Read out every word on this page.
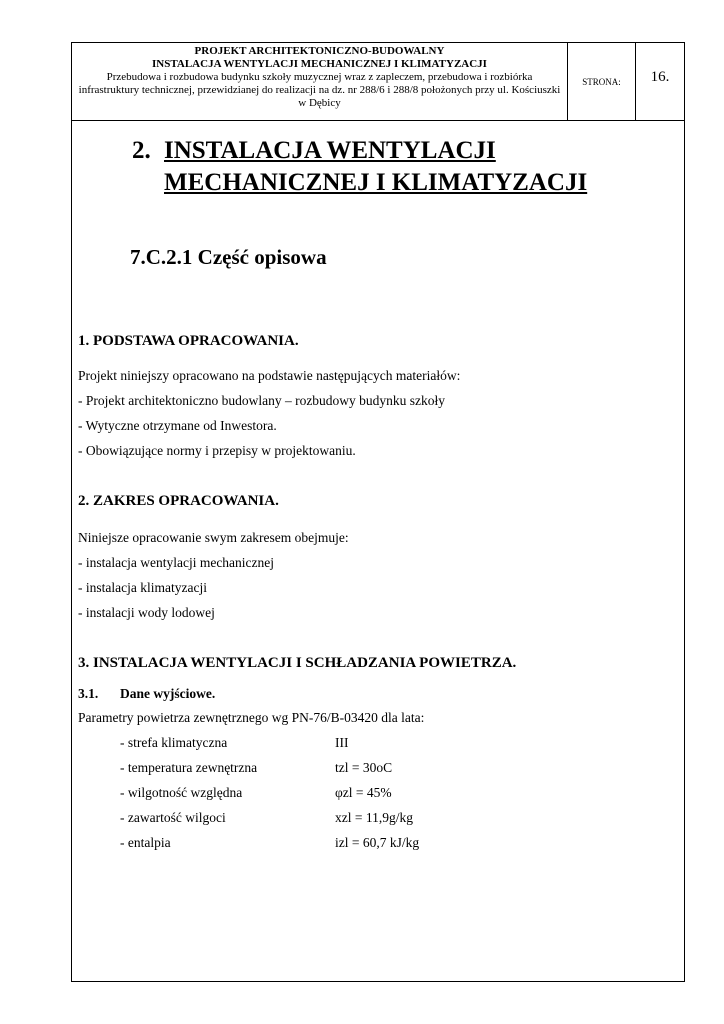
PROJEKT ARCHITEKTONICZNO-BUDOWALNY
INSTALACJA WENTYLACJI MECHANICZNEJ I KLIMATYZACJI
Przebudowa i rozbudowa budynku szkoły muzycznej wraz z zapleczem, przebudowa i rozbiórka infrastruktury technicznej, przewidzianej do realizacji na dz. nr 288/6 i 288/8 położonych przy ul. Kościuszki w Dębicy
STRONA:	16.
2. INSTALACJA WENTYLACJI
MECHANICZNEJ I KLIMATYZACJI
7.C.2.1 Część opisowa
1. PODSTAWA OPRACOWANIA.
Projekt niniejszy opracowano na podstawie następujących materiałów:
- Projekt architektoniczno budowlany – rozbudowy budynku szkoły
- Wytyczne otrzymane od Inwestora.
- Obowiązujące normy i przepisy w projektowaniu.
2. ZAKRES OPRACOWANIA.
Niniejsze opracowanie swym zakresem obejmuje:
- instalacja wentylacji mechanicznej
- instalacja klimatyzacji
- instalacji wody lodowej
3. INSTALACJA WENTYLACJI I SCHŁADZANIA POWIETRZA.
3.1. Dane wyjściowe.
Parametry powietrza zewnętrznego wg PN-76/B-03420 dla lata:
- strefa klimatyczna	III
- temperatura zewnętrzna	tzl = 30oC
- wilgotność względna	φzl = 45%
- zawartość wilgoci	xzl = 11,9g/kg
- entalpia	izl = 60,7 kJ/kg
